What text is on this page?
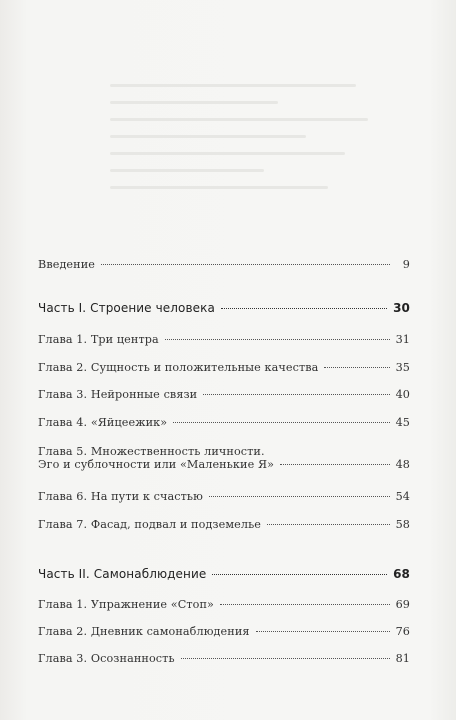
Введение	9
Часть I. Строение человека	30
Глава 1. Три центра	31
Глава 2. Сущность и положительные качества	35
Глава 3. Нейронные связи	40
Глава 4. «Яйцеежик»	45
Глава 5. Множественность личности.
Эго и сублочности или «Маленькие Я»	48
Глава 6. На пути к счастью	54
Глава 7. Фасад, подвал и подземелье	58
Часть II. Самонаблюдение	68
Глава 1. Упражнение «Стоп»	69
Глава 2. Дневник самонаблюдения	76
Глава 3. Осознанность	81
